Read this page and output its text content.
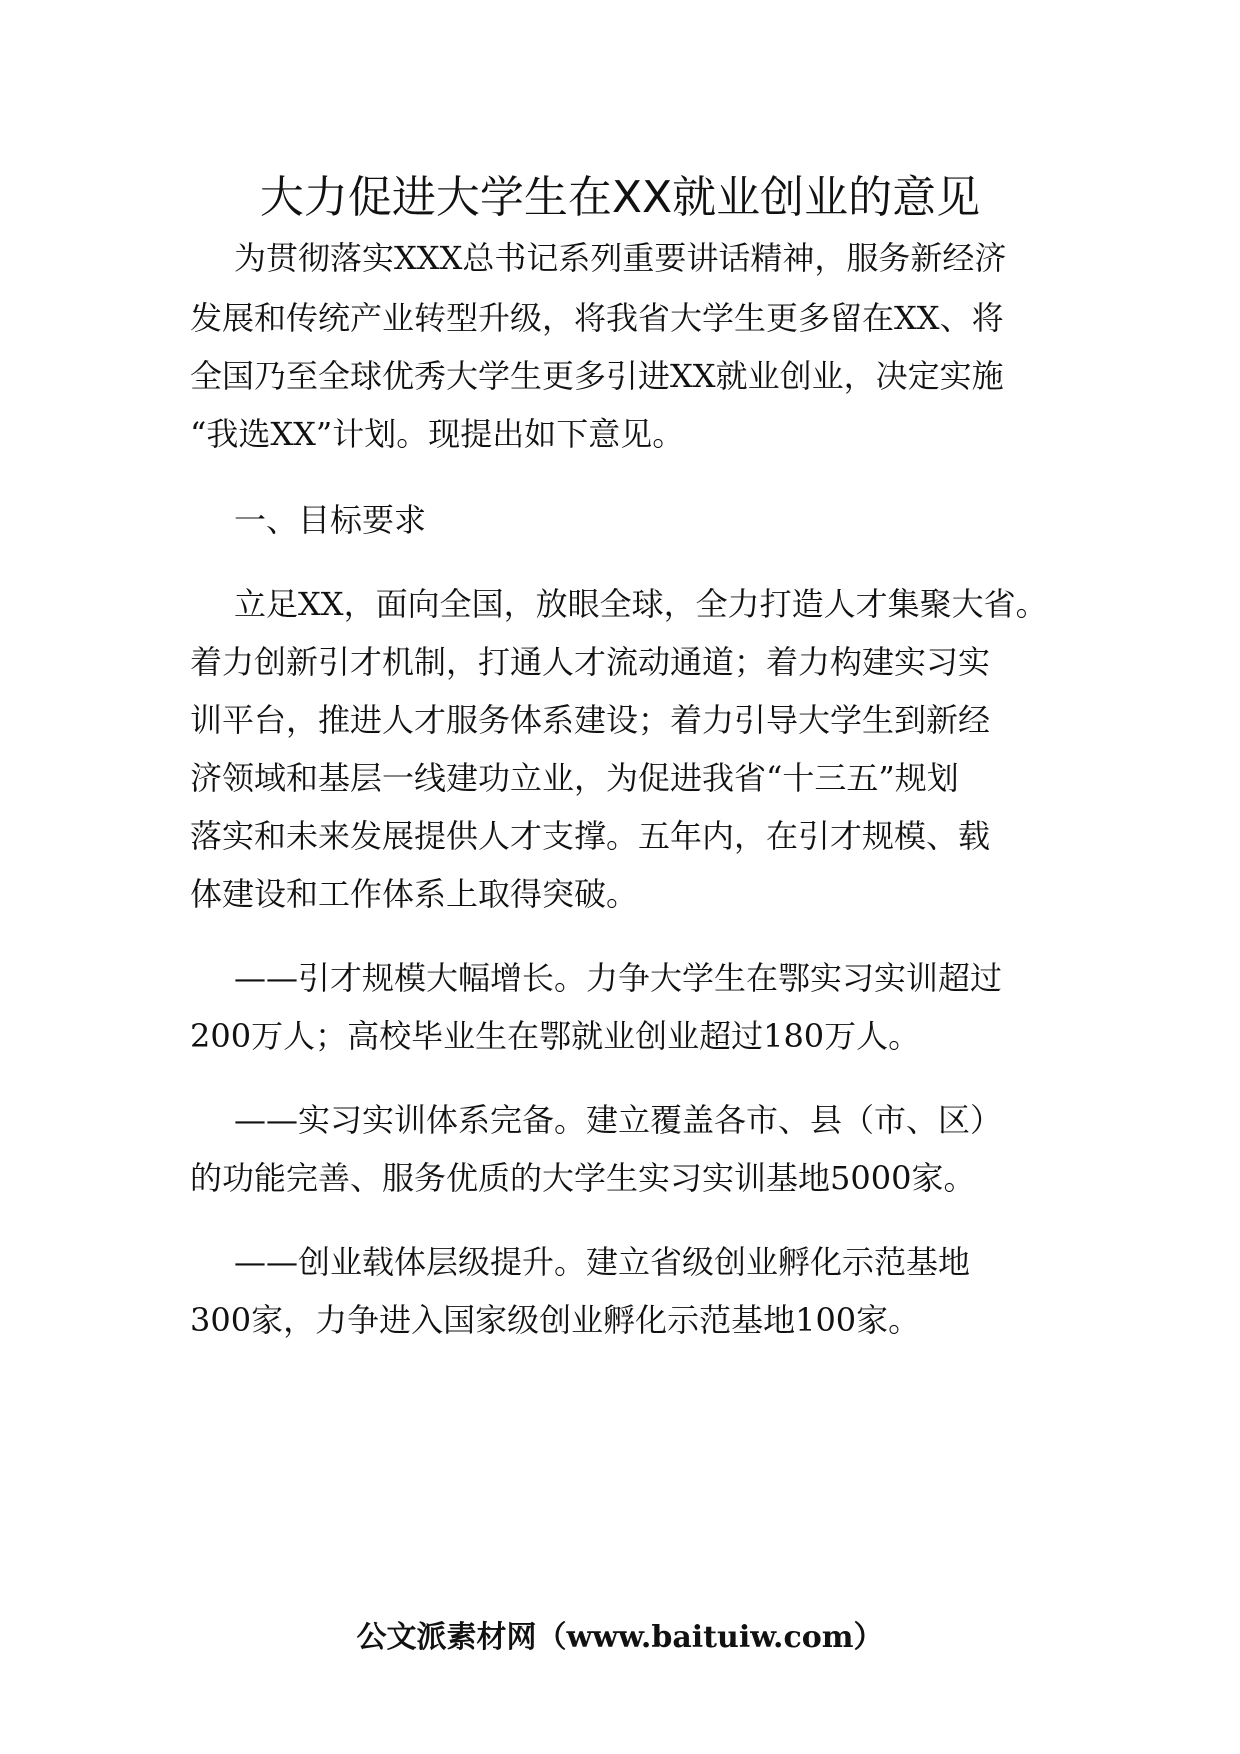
大力促进大学生在XX就业创业的意见
为贯彻落实XXX总书记系列重要讲话精神，服务新经济
发展和传统产业转型升级，将我省大学生更多留在XX、将
全国乃至全球优秀大学生更多引进XX就业创业，决定实施
“我选XX”计划。现提出如下意见。
一、目标要求
立足XX，面向全国，放眼全球，全力打造人才集聚大省。
着力创新引才机制，打通人才流动通道；着力构建实习实
训平台，推进人才服务体系建设；着力引导大学生到新经
济领域和基层一线建功立业，为促进我省“十三五”规划
落实和未来发展提供人才支撑。五年内，在引才规模、载
体建设和工作体系上取得突破。
——引才规模大幅增长。力争大学生在鄂实习实训超过
200万人；高校毕业生在鄂就业创业超过180万人。
——实习实训体系完备。建立覆盖各市、县（市、区）
的功能完善、服务优质的大学生实习实训基地5000家。
——创业载体层级提升。建立省级创业孵化示范基地
300家，力争进入国家级创业孵化示范基地100家。
公文派素材网（www.baituiw.com）
